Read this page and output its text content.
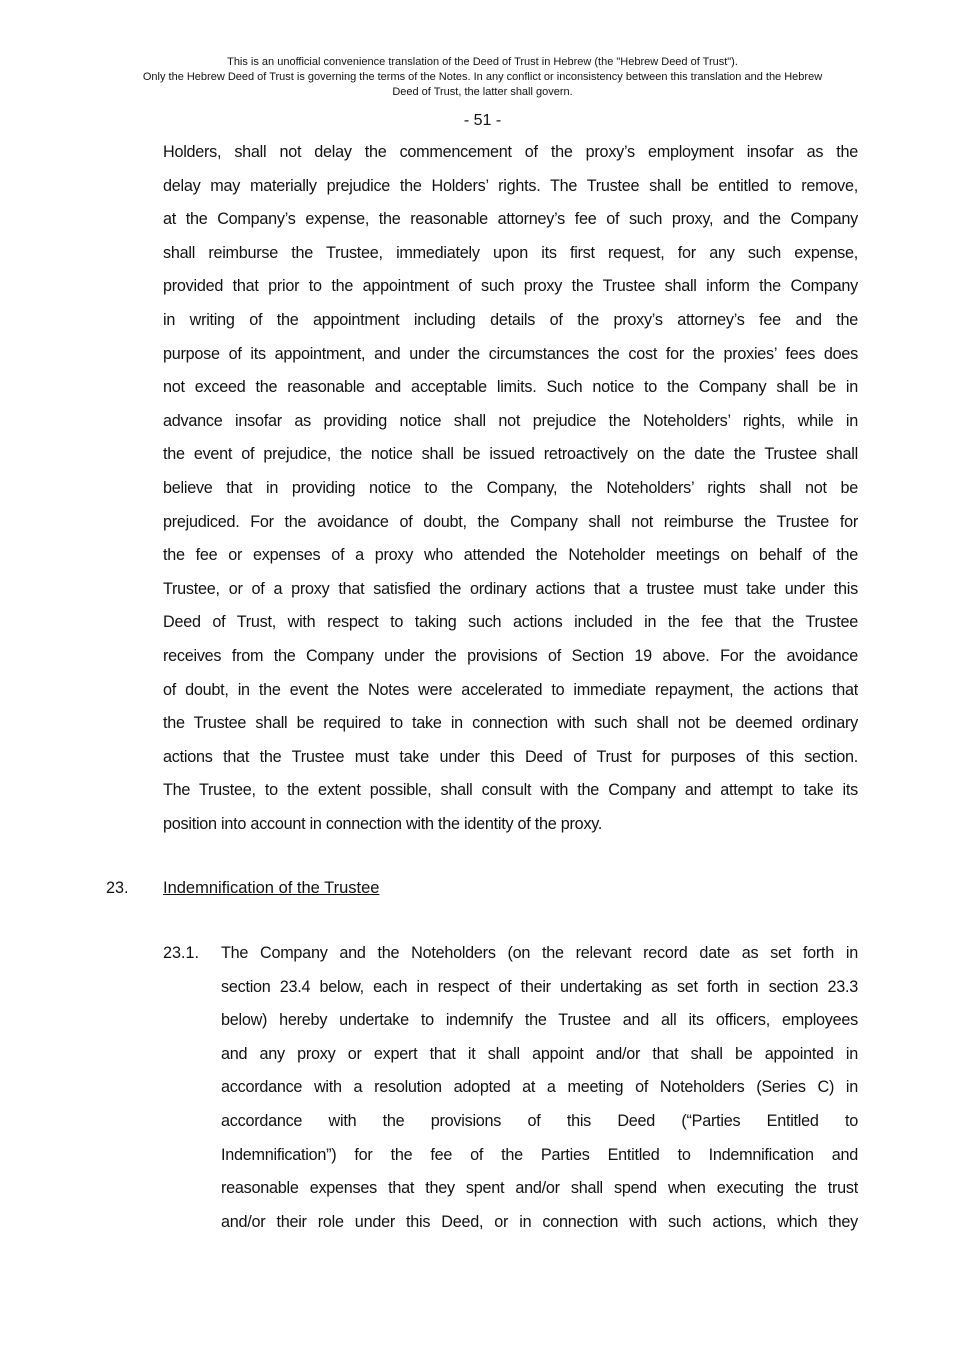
This is an unofficial convenience translation of the Deed of Trust in Hebrew (the "Hebrew Deed of Trust").
Only the Hebrew Deed of Trust is governing the terms of the Notes. In any conflict or inconsistency between this translation and the Hebrew
Deed of Trust, the latter shall govern.
- 51 -
Holders, shall not delay the commencement of the proxy’s employment insofar as the
delay may materially prejudice the Holders’ rights. The Trustee shall be entitled to remove,
at the Company’s expense, the reasonable attorney’s fee of such proxy, and the Company
shall reimburse the Trustee, immediately upon its first request, for any such expense,
provided that prior to the appointment of such proxy the Trustee shall inform the Company
in writing of the appointment including details of the proxy’s attorney’s fee and the
purpose of its appointment, and under the circumstances the cost for the proxies’ fees does
not exceed the reasonable and acceptable limits. Such notice to the Company shall be in
advance insofar as providing notice shall not prejudice the Noteholders’ rights, while in
the event of prejudice, the notice shall be issued retroactively on the date the Trustee shall
believe that in providing notice to the Company, the Noteholders’ rights shall not be
prejudiced. For the avoidance of doubt, the Company shall not reimburse the Trustee for
the fee or expenses of a proxy who attended the Noteholder meetings on behalf of the
Trustee, or of a proxy that satisfied the ordinary actions that a trustee must take under this
Deed of Trust, with respect to taking such actions included in the fee that the Trustee
receives from the Company under the provisions of Section 19 above. For the avoidance
of doubt, in the event the Notes were accelerated to immediate repayment, the actions that
the Trustee shall be required to take in connection with such shall not be deemed ordinary
actions that the Trustee must take under this Deed of Trust for purposes of this section.
The Trustee, to the extent possible, shall consult with the Company and attempt to take its
position into account in connection with the identity of the proxy.
23. Indemnification of the Trustee
23.1. The Company and the Noteholders (on the relevant record date as set forth in
section 23.4 below, each in respect of their undertaking as set forth in section 23.3
below) hereby undertake to indemnify the Trustee and all its officers, employees
and any proxy or expert that it shall appoint and/or that shall be appointed in
accordance with a resolution adopted at a meeting of Noteholders (Series C) in
accordance with the provisions of this Deed (“Parties Entitled to
Indemnification”) for the fee of the Parties Entitled to Indemnification and
reasonable expenses that they spent and/or shall spend when executing the trust
and/or their role under this Deed, or in connection with such actions, which they
